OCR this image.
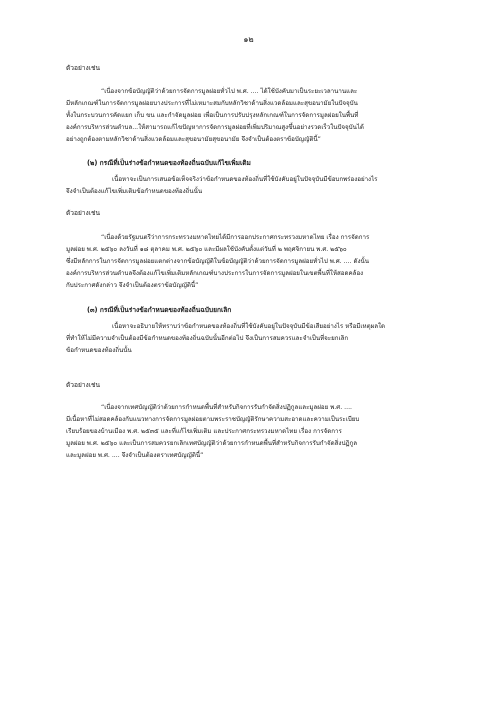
๑๒
ตัวอย่างเช่น
“เนื่องจากข้อบัญญัติว่าด้วยการจัดการมูลฝอยทั่วไป พ.ศ. .... ได้ใช้บังคับมาเป็นระยะเวลานานและ
มีหลักเกณฑ์ในการจัดการมูลฝอยบางประการที่ไม่เหมาะสมกับหลักวิชาด้านสิ่งแวดล้อมและสุขอนามัยในปัจจุบัน
ทั้งในกระบวนการคัดแยก เก็บ ขน และกำจัดมูลฝอย เพื่อเป็นการปรับปรุงหลักเกณฑ์ในการจัดการมูลฝอยในพื้นที่
องค์การบริหารส่วนตำบล...ให้สามารถแก้ไขปัญหาการจัดการมูลฝอยที่เพิ่มปริมาณสูงขึ้นอย่างรวดเร็วในปัจจุบันได้
อย่างถูกต้องตามหลักวิชาด้านสิ่งแวดล้อมและสุขอนามัยสุขอนามัย จึงจำเป็นต้องตราข้อบัญญัตินี้”
(๒) กรณีที่เป็นร่างข้อกำหนดของท้องถิ่นฉบับแก้ไขเพิ่มเติม
เนื้อหาจะเป็นการเสนอข้อเท็จจริงว่าข้อกำหนดของท้องถิ่นที่ใช้บังคับอยู่ในปัจจุบันมีข้อบกพร่องอย่างไร
จึงจำเป็นต้องแก้ไขเพิ่มเติมข้อกำหนดของท้องถิ่นนั้น
ตัวอย่างเช่น
“เนื่องด้วยรัฐมนตรีว่าการกระทรวงมหาดไทยได้มีการออกประกาศกระทรวงมหาดไทย เรื่อง การจัดการ
มูลฝอย พ.ศ. ๒๕๖๐ ลงวันที่ ๑๘ ตุลาคม พ.ศ. ๒๕๖๐ และมีผลใช้บังคับตั้งแต่วันที่ ๒ พฤศจิกายน พ.ศ. ๒๕๖๐
ซึ่งมีหลักการในการจัดการมูลฝอยแตกต่างจากข้อบัญญัติในข้อบัญญัติว่าด้วยการจัดการมูลฝอยทั่วไป พ.ศ. .... ดังนั้น
องค์การบริหารส่วนตำบลจึงต้องแก้ไขเพิ่มเติมหลักเกณฑ์บางประการในการจัดการมูลฝอยในเขตพื้นที่ให้สอดคล้อง
กับประกาศดังกล่าว จึงจำเป็นต้องตราข้อบัญญัตินี้”
(๓) กรณีที่เป็นร่างข้อกำหนดของท้องถิ่นฉบับยกเลิก
เนื้อหาจะอธิบายให้ทราบว่าข้อกำหนดของท้องถิ่นที่ใช้บังคับอยู่ในปัจจุบันมีข้อเสียอย่างไร หรือมีเหตุผลใด
ที่ทำให้ไม่มีความจำเป็นต้องมีข้อกำหนดของท้องถิ่นฉบับนั้นอีกต่อไป จึงเป็นการสมควรและจำเป็นที่จะยกเลิก
ข้อกำหนดของท้องถิ่นนั้น
ตัวอย่างเช่น
“เนื่องจากเทศบัญญัติว่าด้วยการกำหนดพื้นที่สำหรับกิจการรับกำจัดสิ่งปฏิกูลและมูลฝอย พ.ศ. ....
มีเนื้อหาที่ไม่สอดคล้องกับแนวทางการจัดการมูลฝอยตามพระราชบัญญัติรักษาความสะอาดและความเป็นระเบียบ
เรียบร้อยของบ้านเมือง พ.ศ. ๒๕๓๕ และที่แก้ไขเพิ่มเติม และประกาศกระทรวงมหาดไทย เรื่อง การจัดการ
มูลฝอย พ.ศ. ๒๕๖๐ และเป็นการสมควรยกเลิกเทศบัญญัติว่าด้วยการกำหนดพื้นที่สำหรับกิจการรับกำจัดสิ่งปฏิกูล
และมูลฝอย พ.ศ. .... จึงจำเป็นต้องตราเทศบัญญัตินี้”
